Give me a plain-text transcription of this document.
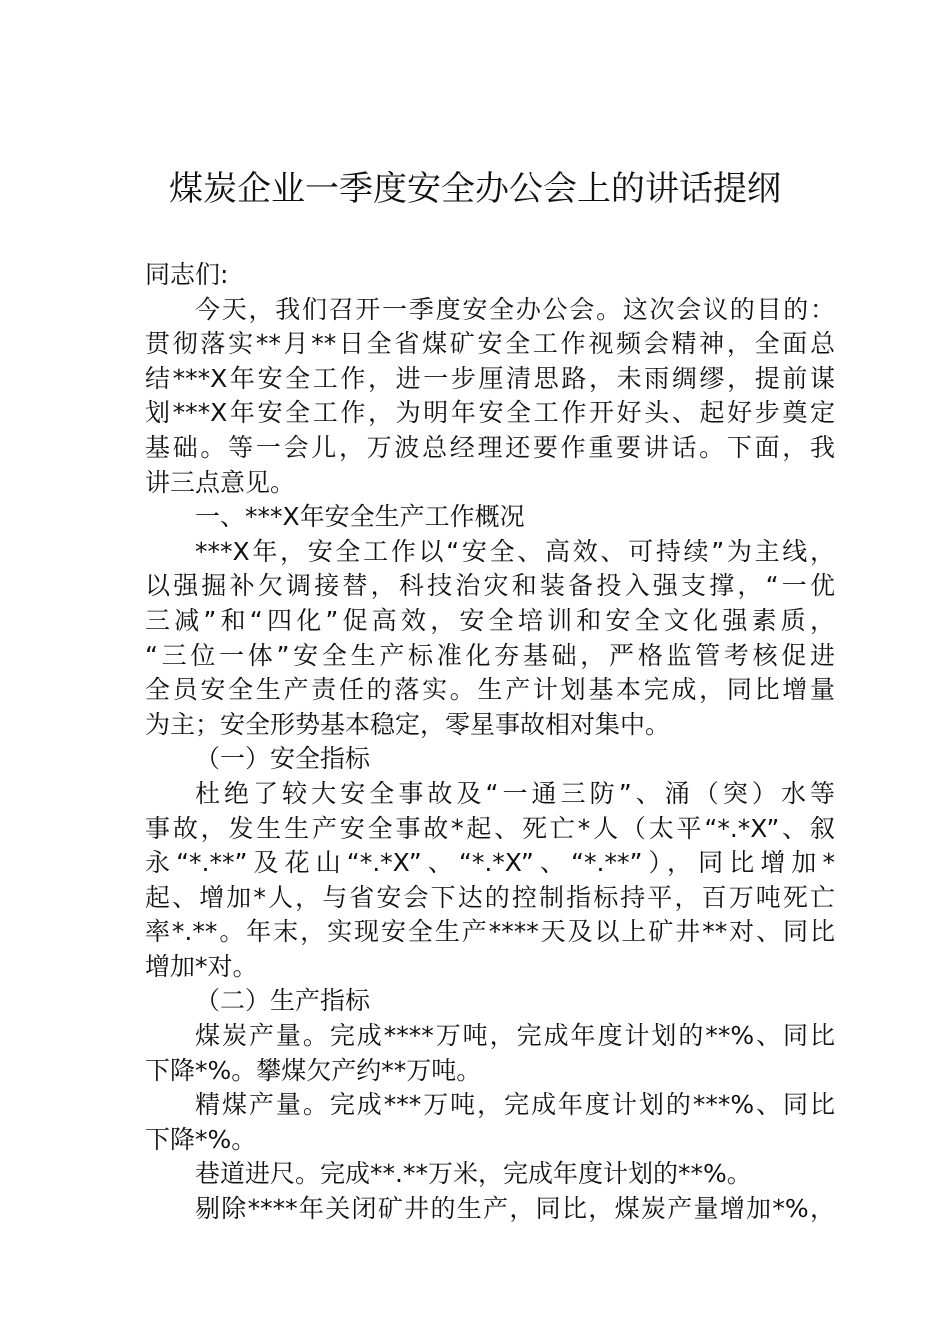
煤炭企业一季度安全办公会上的讲话提纲
同志们:
今天，我们召开一季度安全办公会。这次会议的目的：
贯彻落实**月**日全省煤矿安全工作视频会精神，全面总
结***X年安全工作，进一步厘清思路，未雨绸缪，提前谋
划***X年安全工作，为明年安全工作开好头、起好步奠定
基础。等一会儿，万波总经理还要作重要讲话。下面，我
讲三点意见。
一、***X年安全生产工作概况
***X年，安全工作以“安全、高效、可持续”为主线，
以强掘补欠调接替，科技治灾和装备投入强支撑，“一优
三减”和“四化”促高效，安全培训和安全文化强素质，
“三位一体”安全生产标准化夯基础，严格监管考核促进
全员安全生产责任的落实。生产计划基本完成，同比增量
为主；安全形势基本稳定，零星事故相对集中。
（一）安全指标
杜绝了较大安全事故及“一通三防”、涌（突）水等
事故，发生生产安全事故*起、死亡*人（太平“*.*X”、叙
永“*.**”及花山“*.*X”、“*.*X”、“*.**”），同比增加*
起、增加*人，与省安会下达的控制指标持平，百万吨死亡
率*.**。年末，实现安全生产****天及以上矿井**对、同比
增加*对。
（二）生产指标
煤炭产量。完成****万吨，完成年度计划的**%、同比
下降*%。攀煤欠产约**万吨。
精煤产量。完成***万吨，完成年度计划的***%、同比
下降*%。
巷道进尺。完成**.**万米，完成年度计划的**%。
剔除****年关闭矿井的生产，同比，煤炭产量增加*%，
